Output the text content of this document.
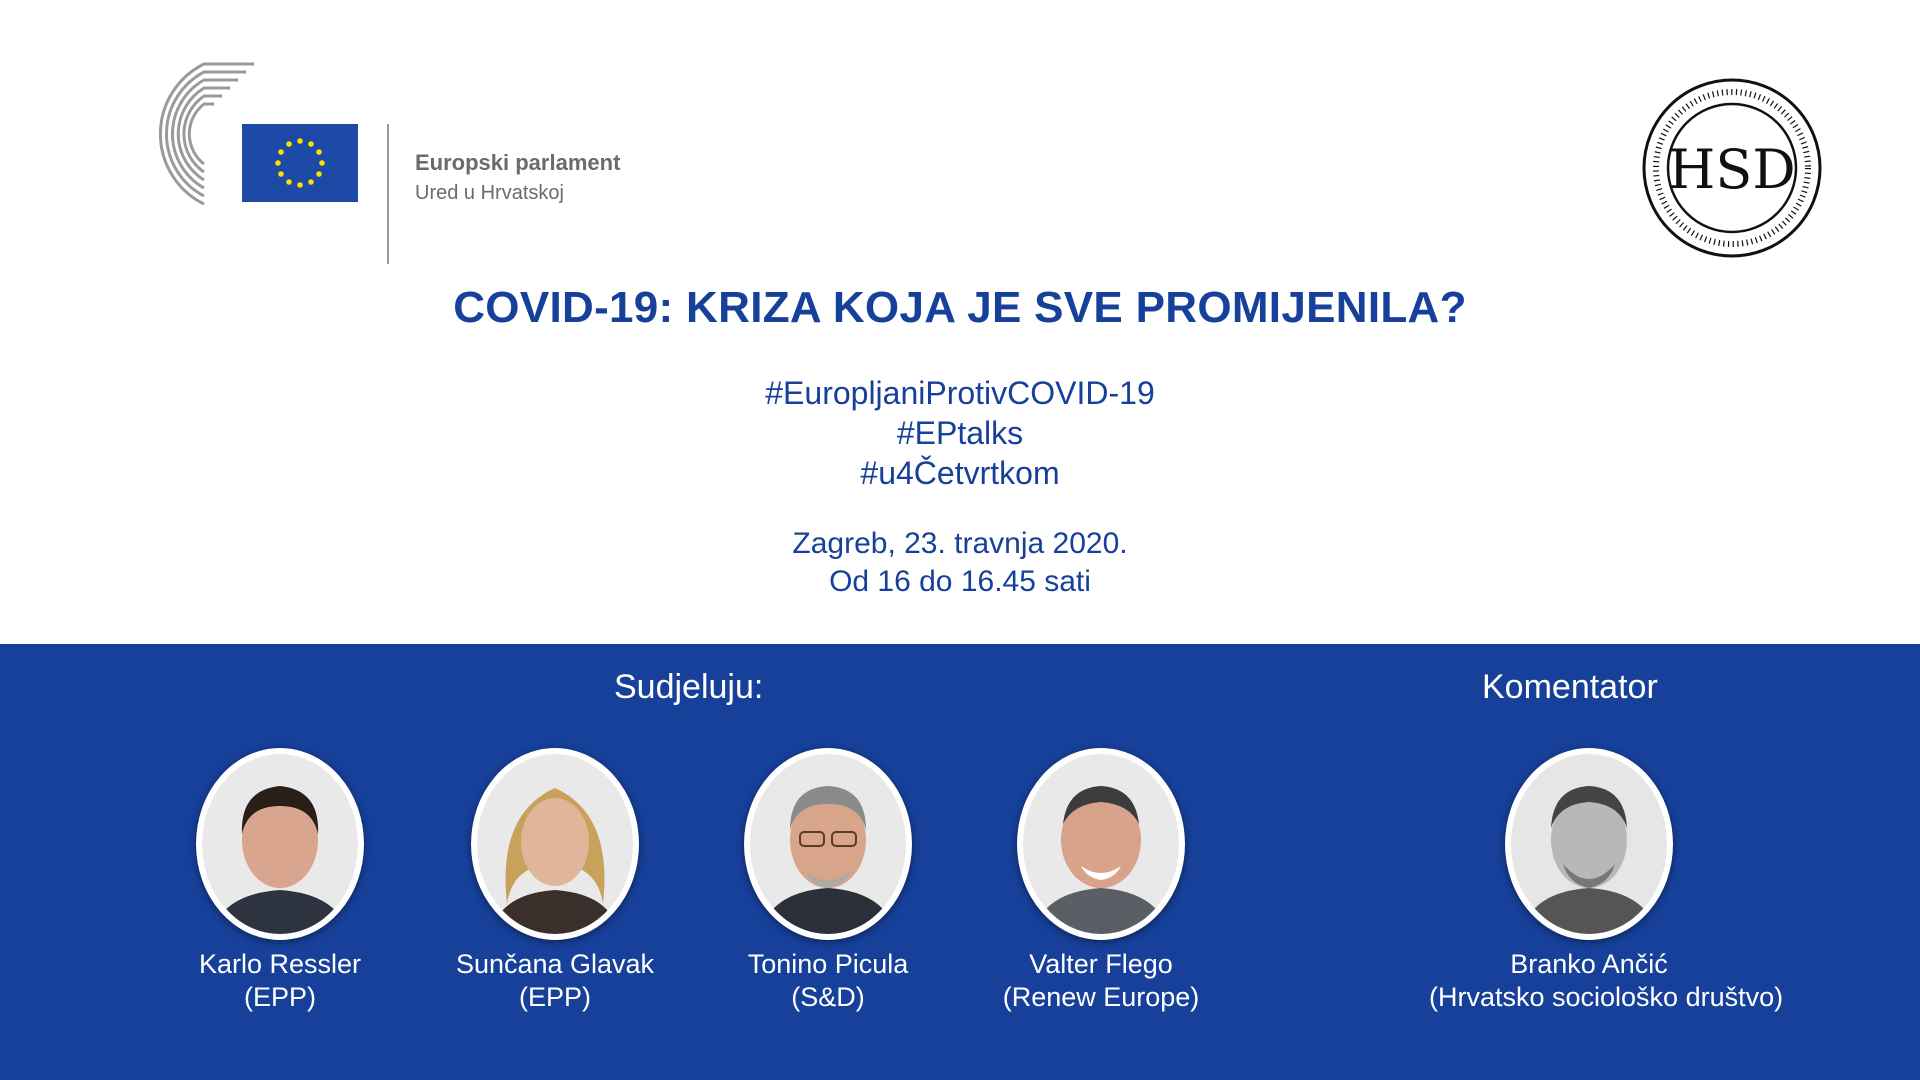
Europski parlament
Ured u Hrvatskoj	HSD
COVID-19: KRIZA KOJA JE SVE PROMIJENILA?
#EuropljaniProtivCOVID-19
#EPtalks
#u4Četvrtkom
Zagreb, 23. travnja 2020.
Od 16 do 16.45 sati
Sudjeluju:	Komentator
Karlo Ressler
(EPP)
Sunčana Glavak
(EPP)
Tonino Picula
(S&D)
Valter Flego
(Renew Europe)
Branko Ančić
(Hrvatsko sociološko društvo)
